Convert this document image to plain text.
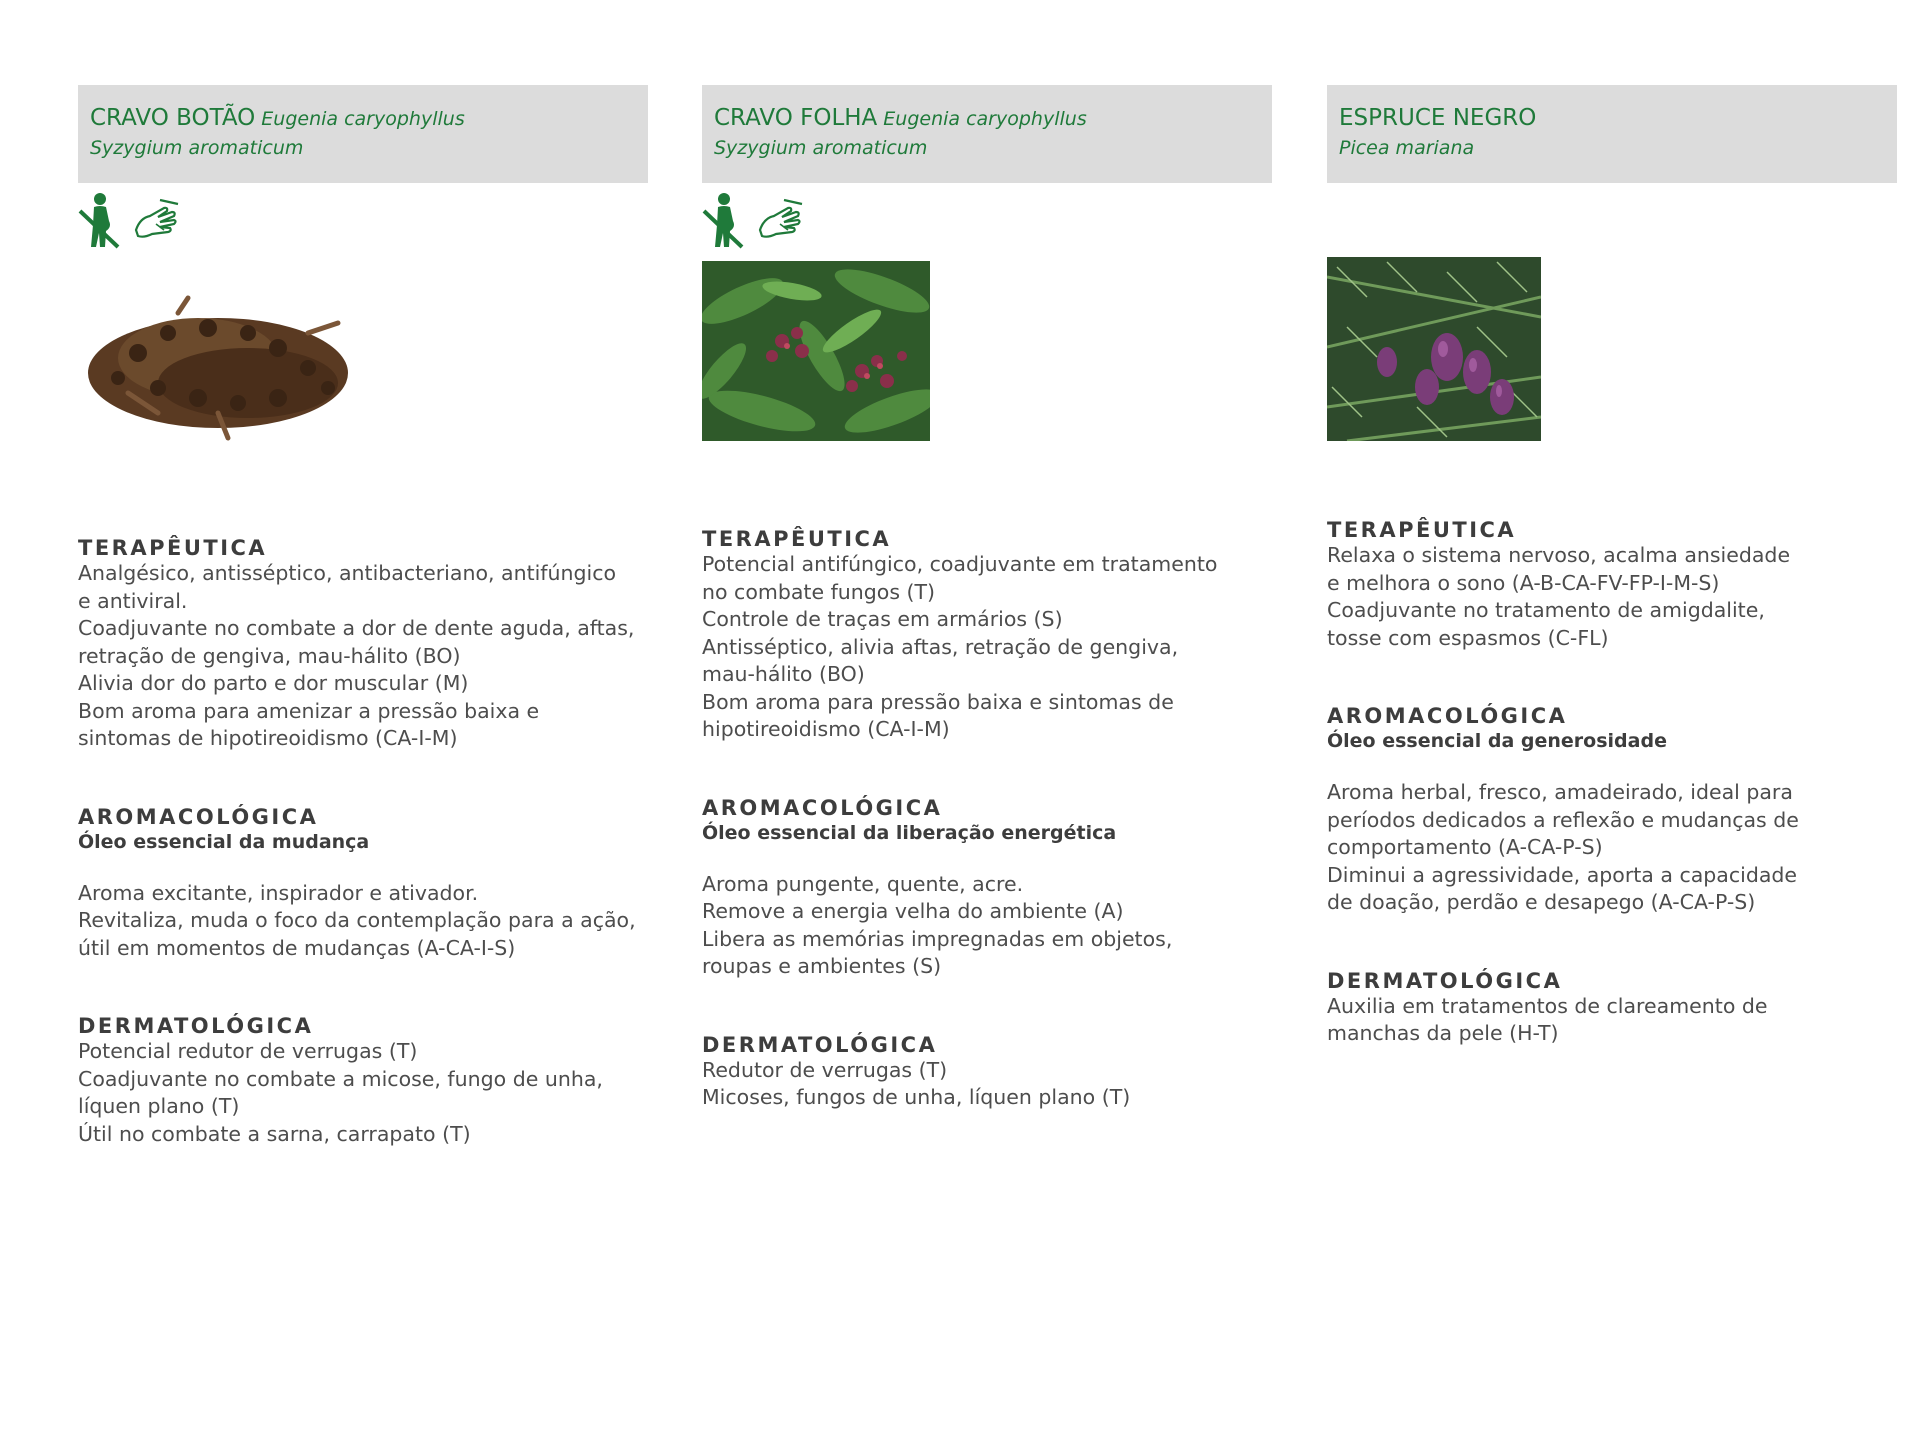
CRAVO BOTÃO Eugenia caryophyllus
Syzygium aromaticum
TERAPÊUTICA
Analgésico, antisséptico, antibacteriano, antifúngico
e antiviral.
Coadjuvante no combate a dor de dente aguda, aftas,
retração de gengiva, mau-hálito (BO)
Alivia dor do parto e dor muscular (M)
Bom aroma para amenizar a pressão baixa e
sintomas de hipotireoidismo (CA-I-M)
AROMACOLÓGICA
Óleo essencial da mudança
Aroma excitante, inspirador e ativador.
Revitaliza, muda o foco da contemplação para a ação,
útil em momentos de mudanças (A-CA-I-S)
DERMATOLÓGICA
Potencial redutor de verrugas (T)
Coadjuvante no combate a micose, fungo de unha,
líquen plano (T)
Útil no combate a sarna, carrapato (T)
CRAVO FOLHA Eugenia caryophyllus
Syzygium aromaticum
TERAPÊUTICA
Potencial antifúngico, coadjuvante em tratamento
no combate fungos (T)
Controle de traças em armários (S)
Antisséptico, alivia aftas, retração de gengiva,
mau-hálito (BO)
Bom aroma para pressão baixa e sintomas de
hipotireoidismo (CA-I-M)
AROMACOLÓGICA
Óleo essencial da liberação energética
Aroma pungente, quente, acre.
Remove a energia velha do ambiente (A)
Libera as memórias impregnadas em objetos,
roupas e ambientes (S)
DERMATOLÓGICA
Redutor de verrugas (T)
Micoses, fungos de unha, líquen plano (T)
ESPRUCE NEGRO
Picea mariana
TERAPÊUTICA
Relaxa o sistema nervoso, acalma ansiedade
e melhora o sono (A-B-CA-FV-FP-I-M-S)
Coadjuvante no tratamento de amigdalite,
tosse com espasmos (C-FL)
AROMACOLÓGICA
Óleo essencial da generosidade
Aroma herbal, fresco, amadeirado, ideal para
períodos dedicados a reflexão e mudanças de
comportamento (A-CA-P-S)
Diminui a agressividade, aporta a capacidade
de doação, perdão e desapego (A-CA-P-S)
DERMATOLÓGICA
Auxilia em tratamentos de clareamento de
manchas da pele (H-T)
